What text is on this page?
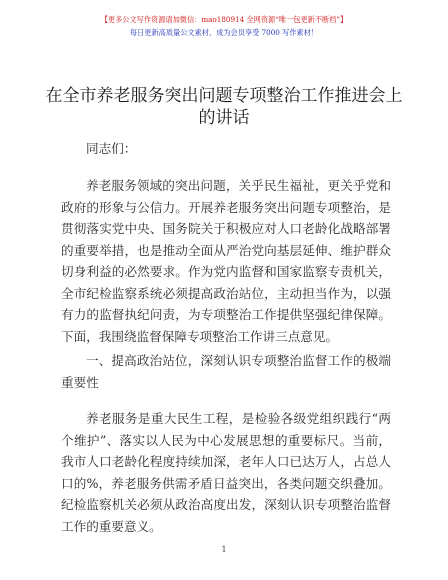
【更多公文写作资源请加微信：mao180914 全网资源“唯一包更新不断档”】
每日更新高质量公文素材，成为会员享受 7000 写作素材！
在全市养老服务突出问题专项整治工作推进会上的讲话

同志们：

养老服务领域的突出问题，关乎民生福祉，更关乎党和政府的形象与公信力。开展养老服务突出问题专项整治，是贯彻落实党中央、国务院关于积极应对人口老龄化战略部署的重要举措，也是推动全面从严治党向基层延伸、维护群众切身利益的必然要求。作为党内监督和国家监察专责机关，全市纪检监察系统必须提高政治站位，主动担当作为，以强有力的监督执纪问责，为专项整治工作提供坚强纪律保障。下面，我围绕监督保障专项整治工作讲三点意见。

一、提高政治站位，深刻认识专项整治监督工作的极端重要性

养老服务是重大民生工程，是检验各级党组织践行“两个维护”、落实以人民为中心发展思想的重要标尺。当前，我市人口老龄化程度持续加深，老年人口已达万人，占总人口的%，养老服务供需矛盾日益突出，各类问题交织叠加。纪检监察机关必须从政治高度出发，深刻认识专项整治监督工作的重要意义。

1
